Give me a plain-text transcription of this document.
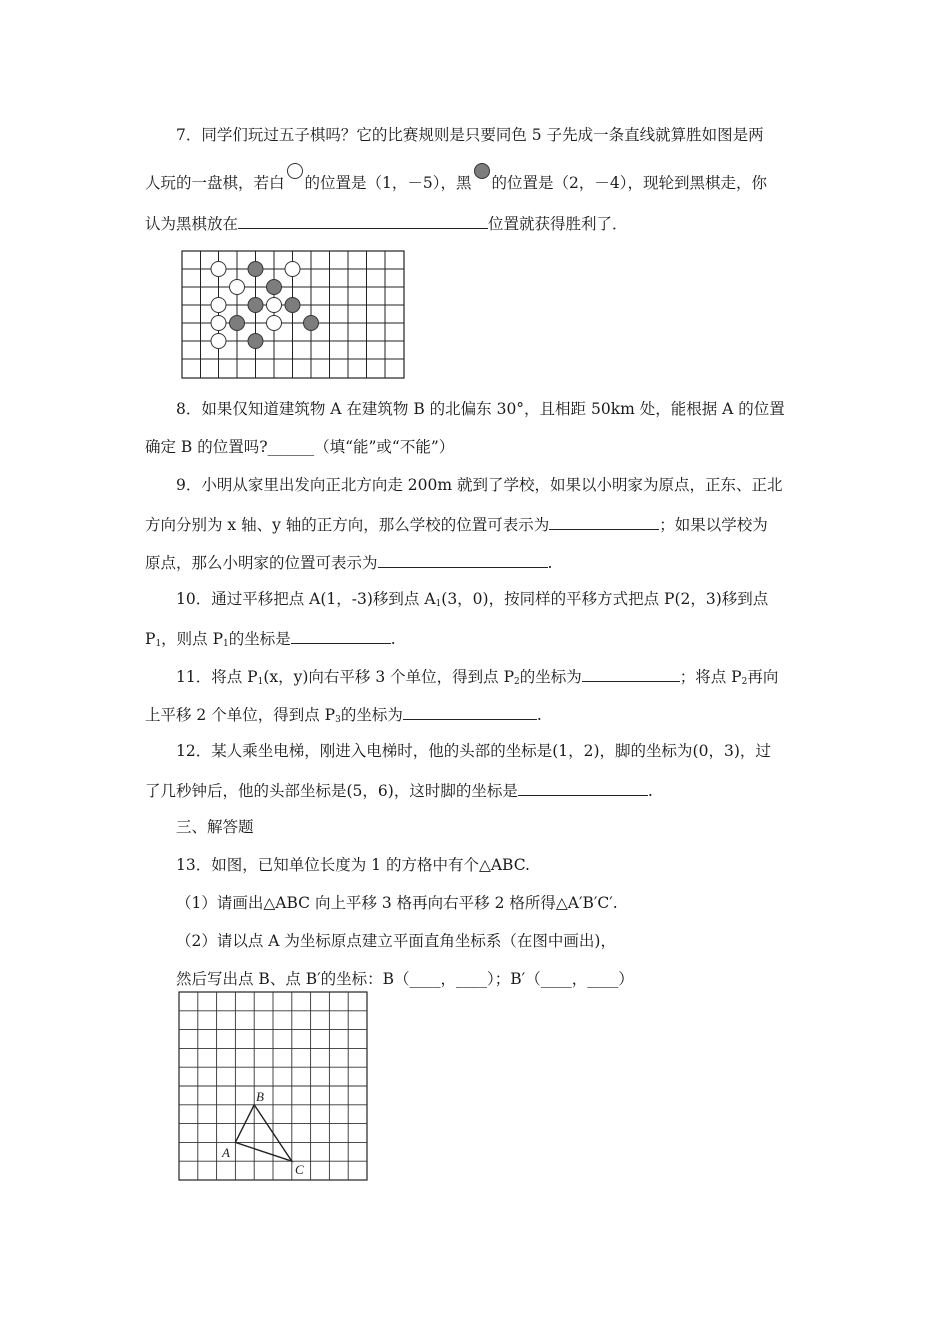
7．同学们玩过五子棋吗？它的比赛规则是只要同色 5 子先成一条直线就算胜如图是两
人玩的一盘棋，若白 的位置是（1，－5），黑 的位置是（2，－4），现轮到黑棋走，你
认为黑棋放在	位置就获得胜利了．
8．如果仅知道建筑物 A 在建筑物 B 的北偏东 30°，且相距 50km 处，能根据 A 的位置
确定 B 的位置吗?______（填“能”或“不能”）
9．小明从家里出发向正北方向走 200m 就到了学校，如果以小明家为原点，正东、正北
方向分别为 x 轴、y 轴的正方向，那么学校的位置可表示为	；如果以学校为
原点，那么小明家的位置可表示为	.
10．通过平移把点 A(1，-3)移到点 $A_1(3$，0)，按同样的平移方式把点 P(2，3)移到点
$P_1$，则点 $P_1$的坐标是	.
11．将点 $P_1(x$，y)向右平移 3 个单位，得到点 $P_2$的坐标为	；将点 $P_2$再向
上平移 2 个单位，得到点 $P_3$的坐标为	.
12．某人乘坐电梯，刚进入电梯时，他的头部的坐标是(1，2)，脚的坐标为(0，3)，过
了几秒钟后，他的头部坐标是(5，6)，这时脚的坐标是	.
三、解答题
13．如图，已知单位长度为 1 的方格中有个△ABC.
（1）请画出△ABC 向上平移 3 格再向右平移 2 格所得△A′B′C′.
（2）请以点 A 为坐标原点建立平面直角坐标系（在图中画出)，
然后写出点 B、点 B′的坐标：B（____，____）；B′（____，____）
A
B
C
